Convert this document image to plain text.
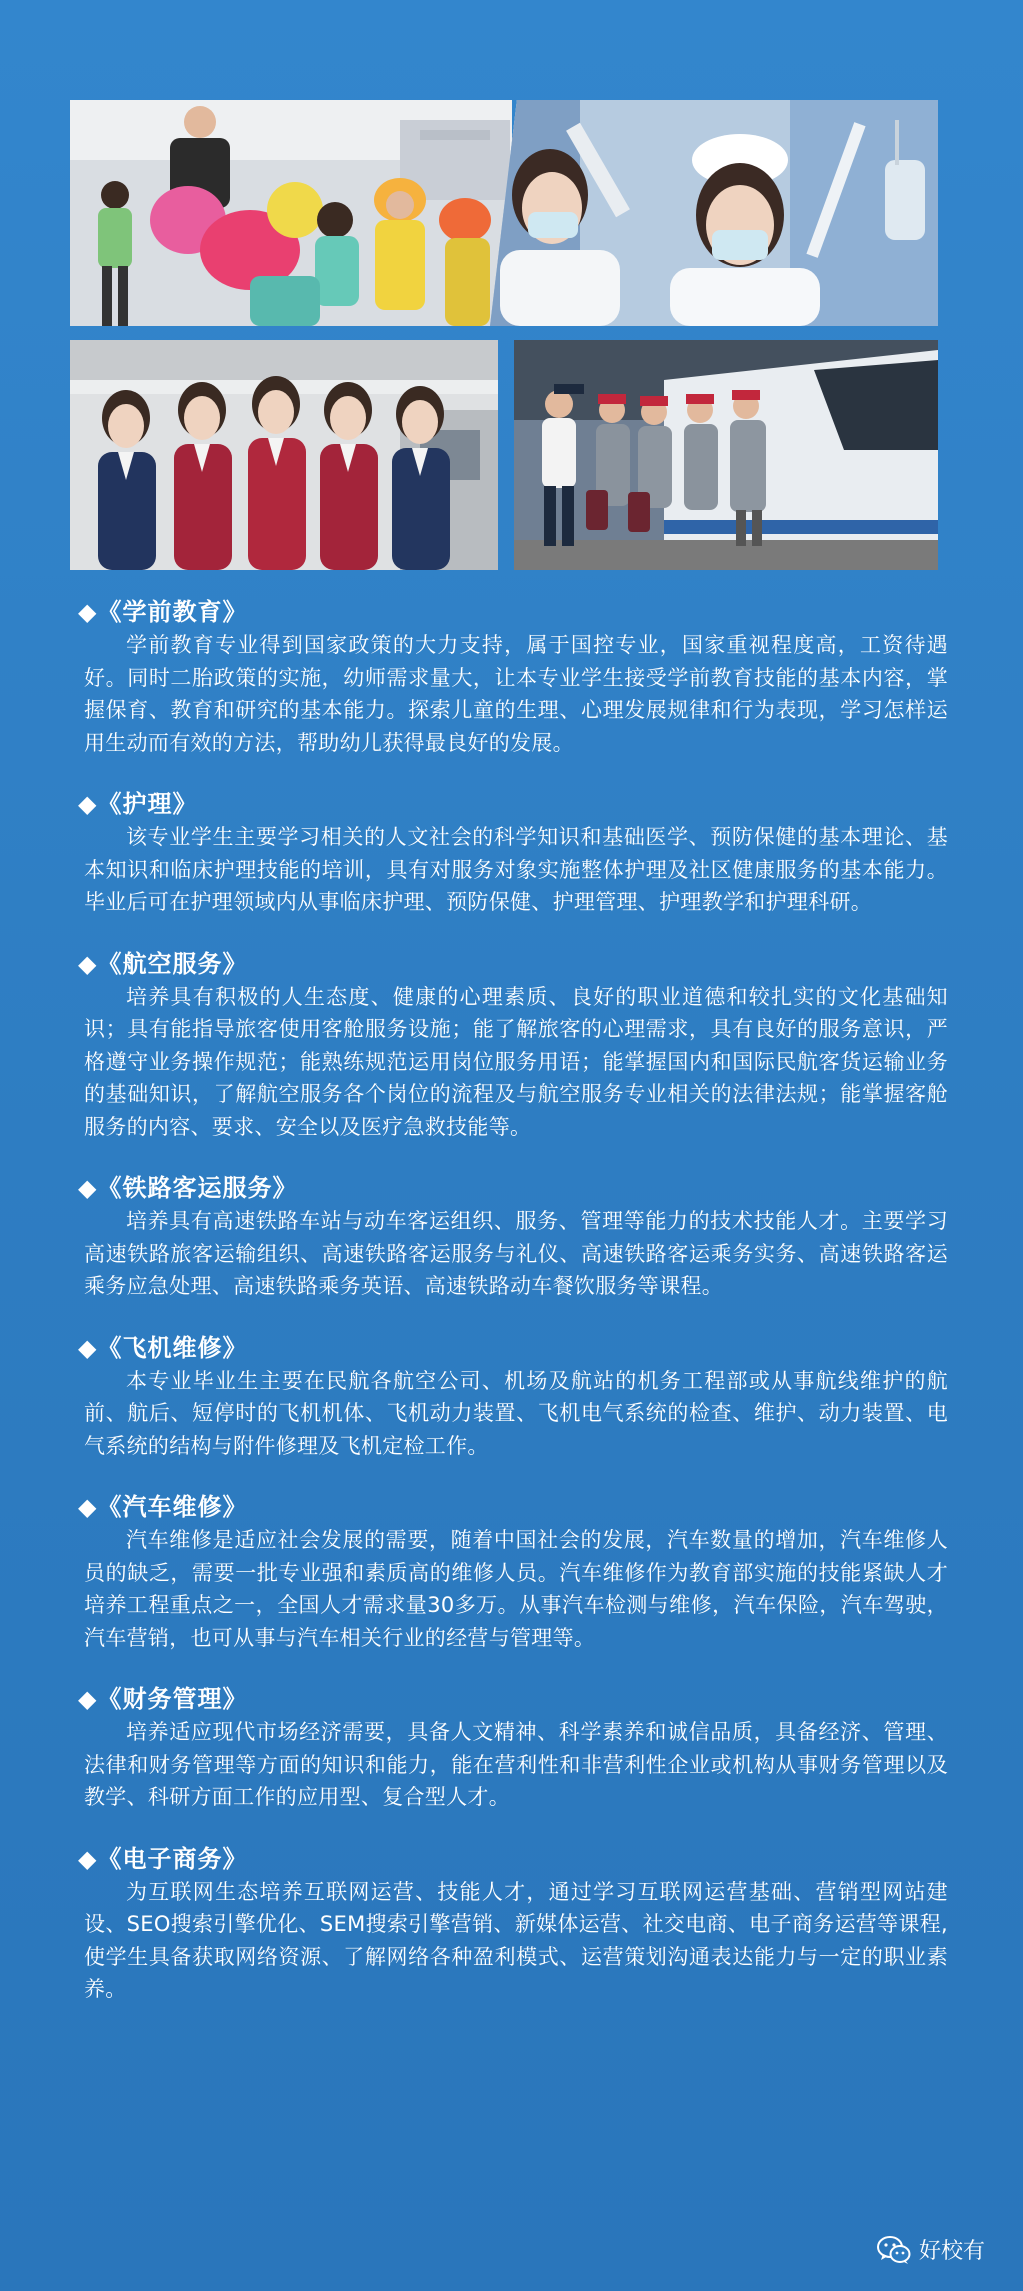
◆《学前教育》

学前教育专业得到国家政策的大力支持，属于国控专业，国家重视程度高，工资待遇好。同时二胎政策的实施，幼师需求量大，让本专业学生接受学前教育技能的基本内容，掌握保育、教育和研究的基本能力。探索儿童的生理、心理发展规律和行为表现，学习怎样运用生动而有效的方法，帮助幼儿获得最良好的发展。

◆《护理》

该专业学生主要学习相关的人文社会的科学知识和基础医学、预防保健的基本理论、基本知识和临床护理技能的培训，具有对服务对象实施整体护理及社区健康服务的基本能力。毕业后可在护理领域内从事临床护理、预防保健、护理管理、护理教学和护理科研。

◆《航空服务》

培养具有积极的人生态度、健康的心理素质、良好的职业道德和较扎实的文化基础知识；具有能指导旅客使用客舱服务设施；能了解旅客的心理需求，具有良好的服务意识，严格遵守业务操作规范；能熟练规范运用岗位服务用语；能掌握国内和国际民航客货运输业务的基础知识，了解航空服务各个岗位的流程及与航空服务专业相关的法律法规；能掌握客舱服务的内容、要求、安全以及医疗急救技能等。

◆《铁路客运服务》

培养具有高速铁路车站与动车客运组织、服务、管理等能力的技术技能人才。主要学习高速铁路旅客运输组织、高速铁路客运服务与礼仪、高速铁路客运乘务实务、高速铁路客运乘务应急处理、高速铁路乘务英语、高速铁路动车餐饮服务等课程。

◆《飞机维修》

本专业毕业生主要在民航各航空公司、机场及航站的机务工程部或从事航线维护的航前、航后、短停时的飞机机体、飞机动力装置、飞机电气系统的检查、维护、动力装置、电气系统的结构与附件修理及飞机定检工作。

◆《汽车维修》

汽车维修是适应社会发展的需要，随着中国社会的发展，汽车数量的增加，汽车维修人员的缺乏，需要一批专业强和素质高的维修人员。汽车维修作为教育部实施的技能紧缺人才培养工程重点之一，全国人才需求量30多万。从事汽车检测与维修，汽车保险，汽车驾驶，汽车营销，也可从事与汽车相关行业的经营与管理等。

◆《财务管理》

培养适应现代市场经济需要，具备人文精神、科学素养和诚信品质，具备经济、管理、法律和财务管理等方面的知识和能力，能在营利性和非营利性企业或机构从事财务管理以及教学、科研方面工作的应用型、复合型人才。

◆《电子商务》

为互联网生态培养互联网运营、技能人才，通过学习互联网运营基础、营销型网站建设、SEO搜索引擎优化、SEM搜索引擎营销、新媒体运营、社交电商、电子商务运营等课程,使学生具备获取网络资源、了解网络各种盈利模式、运营策划沟通表达能力与一定的职业素养。

好校有
